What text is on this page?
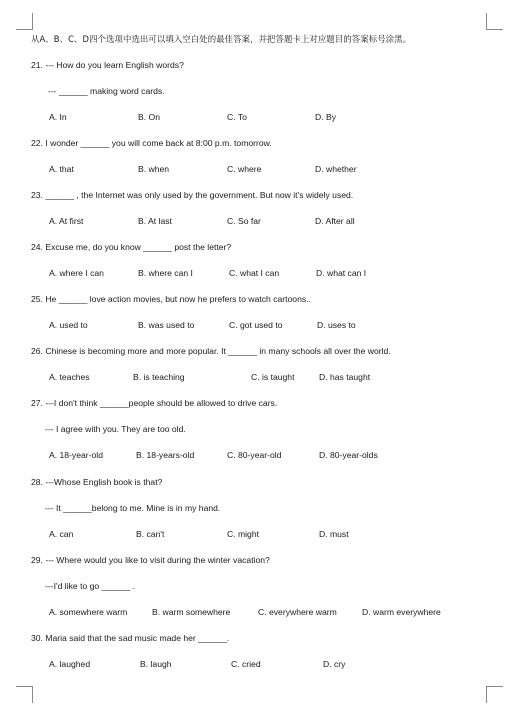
从A、B、C、D四个选项中选出可以填入空白处的最佳答案，并把答题卡上对应题目的答案标号涂黑。
21. --- How do you learn English words?
--- ______ making word cards.
A. In	B. On	C. To	D. By
22. I wonder ______ you will come back at 8:00 p.m. tomorrow.
A. that	B. when	C. where	D. whether
23. ______ , the Internet was only used by the government. But now it's widely used.
A. At first	B. At last	C. So far	D. After all
24. Excuse me, do you know ______ post the letter?
A. where I can	B. where can I	C. what I can	D. what can I
25. He ______ love action movies, but now he prefers to watch cartoons..
A. used to	B. was used to	C. got used to	D. uses to
26. Chinese is becoming more and more popular. It ______ in many schools all over the world.
A. teaches	B. is teaching	C. is taught	D. has taught
27. ---I don't think ______people should be allowed to drive cars.
--- I agree with you. They are too old.
A. 18-year-old	B. 18-years-old	C. 80-year-old	D. 80-year-olds
28. ---Whose English book is that?
--- It ______belong to me. Mine is in my hand.
A. can	B. can't	C. might	D. must
29. --- Where would you like to visit during the winter vacation?
---I'd like to go ______ .
A. somewhere warm	B. warm somewhere	C. everywhere warm	D. warm everywhere
30. Maria said that the sad music made her ______.
A. laughed	B. laugh	C. cried	D. cry
